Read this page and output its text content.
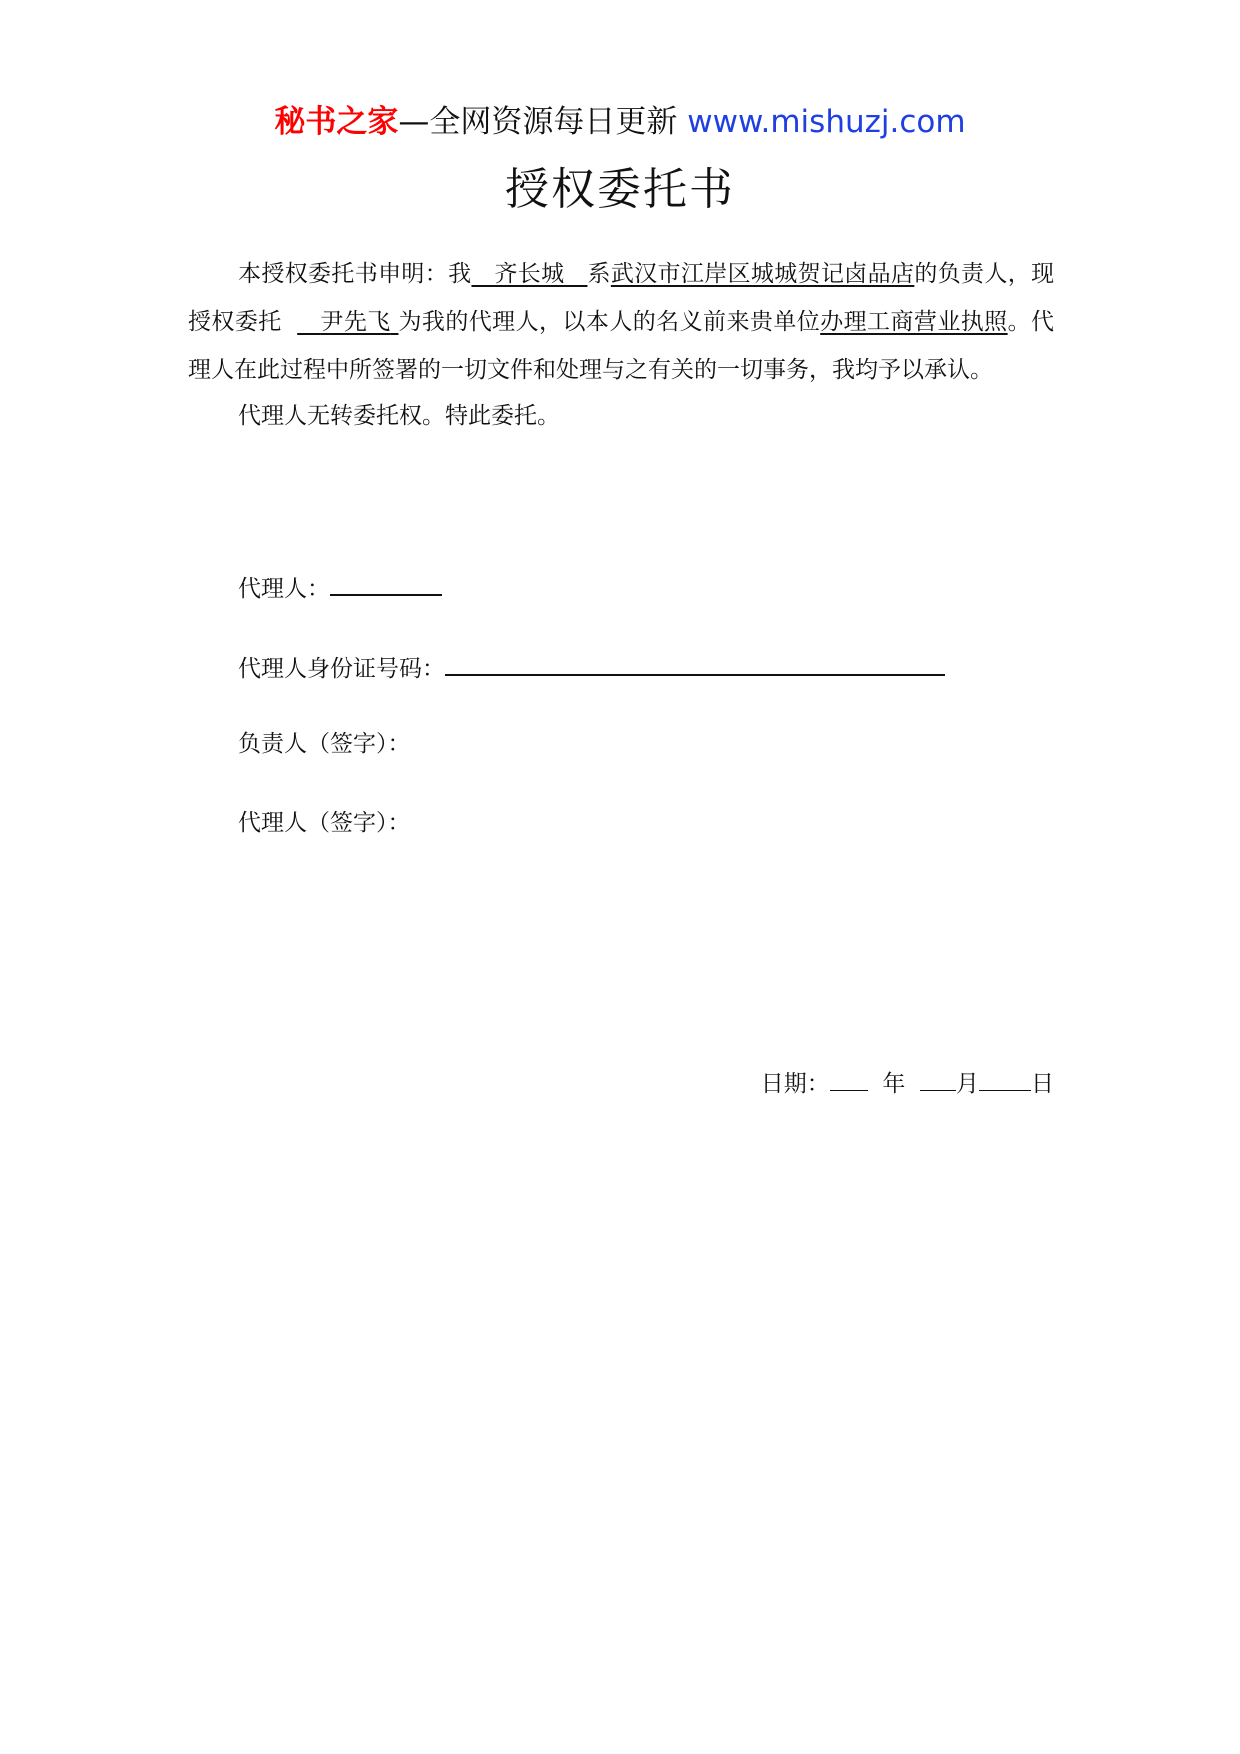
秘书之家—全网资源每日更新 www.mishuzj.com
授权委托书

本授权委托书申明：我 齐长城 系武汉市江岸区城城贺记卤品店的负责人，现授权委托 尹先飞 为我的代理人，以本人的名义前来贵单位办理工商营业执照。代理人在此过程中所签署的一切文件和处理与之有关的一切事务，我均予以承认。

代理人无转委托权。特此委托。

代理人：
代理人身份证号码：
负责人（签字）：
代理人（签字）：
日期： 年 月 日
